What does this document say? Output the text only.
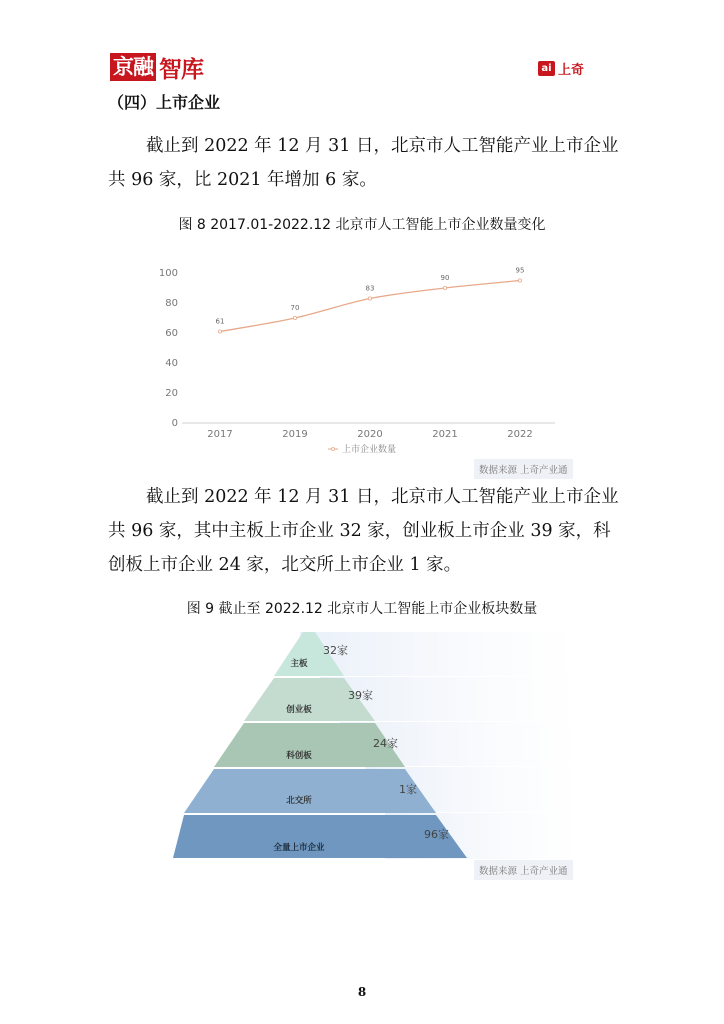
京融 智库	ai 上奇
（四）上市企业
截止到 2022 年 12 月 31 日，北京市人工智能产业上市企业共 96 家，比 2021 年增加 6 家。
图 8 2017.01-2022.12 北京市人工智能上市企业数量变化
100
80
60
40
20
0
2017	2019	2020	2021	2022
61
70
83
90
95
上市企业数量
数据来源 上奇产业通
截止到 2022 年 12 月 31 日，北京市人工智能产业上市企业共 96 家，其中主板上市企业 32 家，创业板上市企业 39 家，科创板上市企业 24 家，北交所上市企业 1 家。
图 9 截止至 2022.12 北京市人工智能上市企业板块数量
主板
创业板
科创板
北交所
全量上市企业
32家
39家
24家
1家
96家
数据来源 上奇产业通
8
